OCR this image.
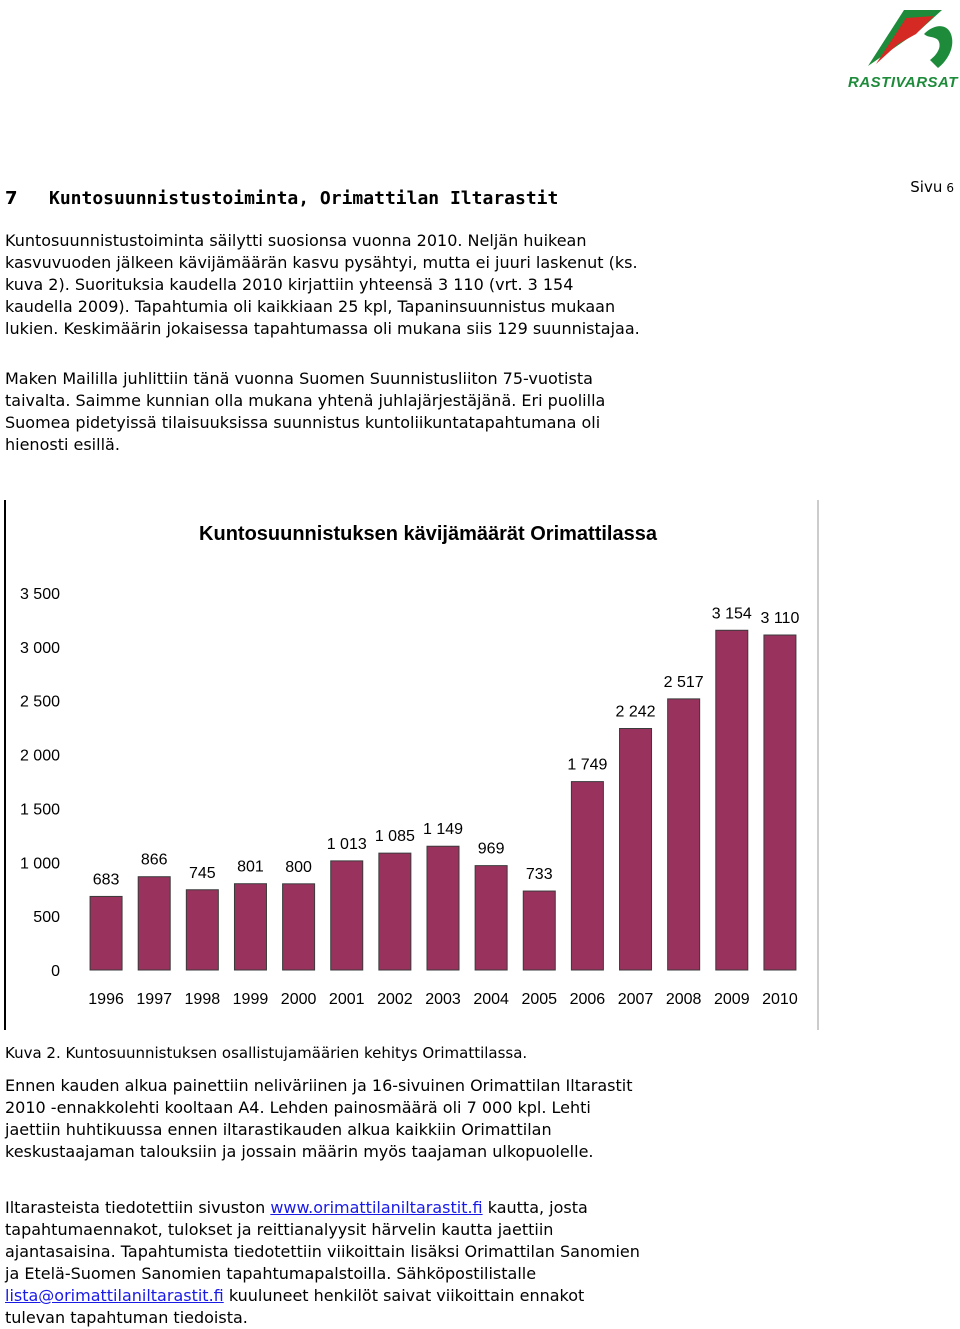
RASTIVARSAT
Sivu 6
7 Kuntosuunnistustoiminta, Orimattilan Iltarastit

Kuntosuunnistustoiminta säilytti suosionsa vuonna 2010. Neljän huikean kasvuvuoden jälkeen kävijämäärän kasvu pysähtyi, mutta ei juuri laskenut (ks. kuva 2). Suorituksia kaudella 2010 kirjattiin yhteensä 3 110 (vrt. 3 154 kaudella 2009). Tapahtumia oli kaikkiaan 25 kpl, Tapaninsuunnistus mukaan lukien. Keskimäärin jokaisessa tapahtumassa oli mukana siis 129 suunnistajaa.

Maken Maililla juhlittiin tänä vuonna Suomen Suunnistusliiton 75-vuotista taivalta. Saimme kunnian olla mukana yhtenä juhlajärjestäjänä. Eri puolilla Suomea pidetyissä tilaisuuksissa suunnistus kuntoliikuntatapahtumana oli hienosti esillä.

Kuntosuunnistuksen kävijämäärät Orimattilassa
0
500
1 000
1 500
2 000
2 500
3 000
3 500
683
866
745 801 800
1 013 1 085 1 149
969
733
1 749
2 242
2 517
3 154 3 110
1996 1997 1998 1999 2000 2001 2002 2003 2004 2005 2006 2007 2008 2009 2010

Kuva 2. Kuntosuunnistuksen osallistujamäärien kehitys Orimattilassa.

Ennen kauden alkua painettiin neliväriinen ja 16-sivuinen Orimattilan Iltarastit 2010 -ennakkolehti kooltaan A4. Lehden painosmäärä oli 7 000 kpl. Lehti jaettiin huhtikuussa ennen iltarastikauden alkua kaikkiin Orimattilan keskustaajaman talouksiin ja jossain määrin myös taajaman ulkopuolelle.

Iltarasteista tiedotettiin sivuston www.orimattilaniltarastit.fi kautta, josta tapahtumaennakot, tulokset ja reittianalyysit härvelin kautta jaettiin ajantasaisina. Tapahtumista tiedotettiin viikoittain lisäksi Orimattilan Sanomien ja Etelä-Suomen Sanomien tapahtumapalstoilla. Sähköpostilistalle lista@orimattilaniltarastit.fi kuuluneet henkilöt saivat viikoittain ennakot tulevan tapahtuman tiedoista.
